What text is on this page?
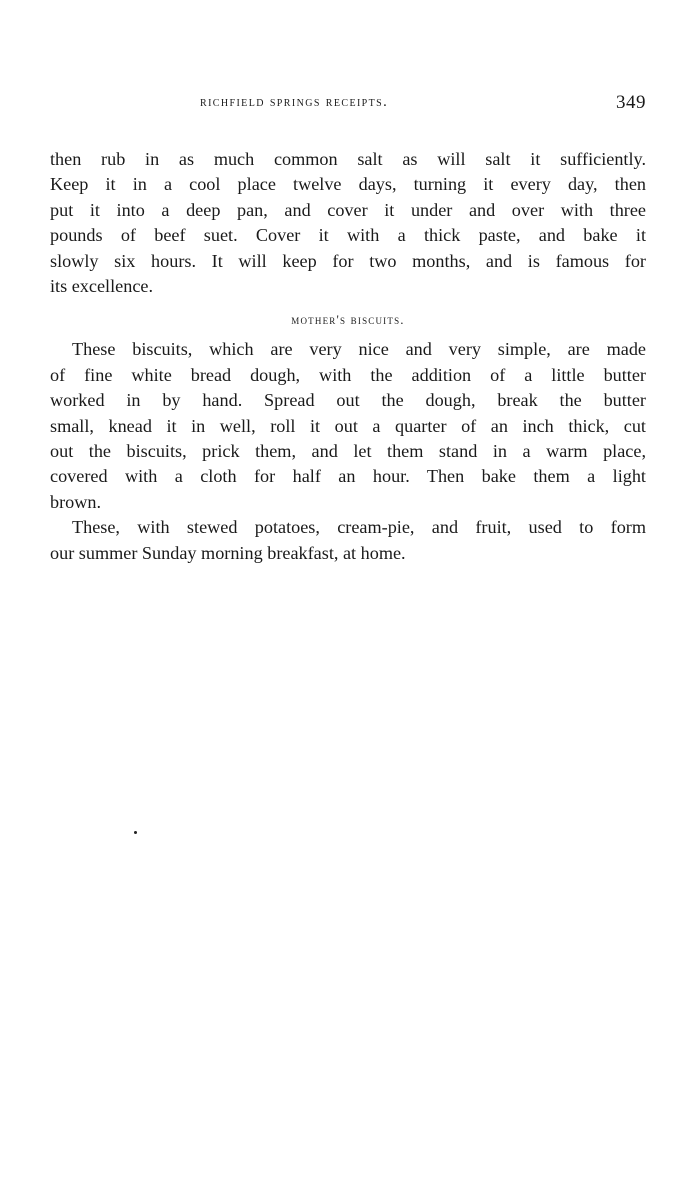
richfield springs receipts.	349

then rub in as much common salt as will salt it sufficiently.
Keep it in a cool place twelve days, turning it every day, then
put it into a deep pan, and cover it under and over with three
pounds of beef suet. Cover it with a thick paste, and bake it
slowly six hours. It will keep for two months, and is famous for
its excellence.

mother's biscuits.

These biscuits, which are very nice and very simple, are made
of fine white bread dough, with the addition of a little butter
worked in by hand. Spread out the dough, break the butter
small, knead it in well, roll it out a quarter of an inch thick, cut
out the biscuits, prick them, and let them stand in a warm place,
covered with a cloth for half an hour. Then bake them a light
brown.

These, with stewed potatoes, cream-pie, and fruit, used to form
our summer Sunday morning breakfast, at home.
